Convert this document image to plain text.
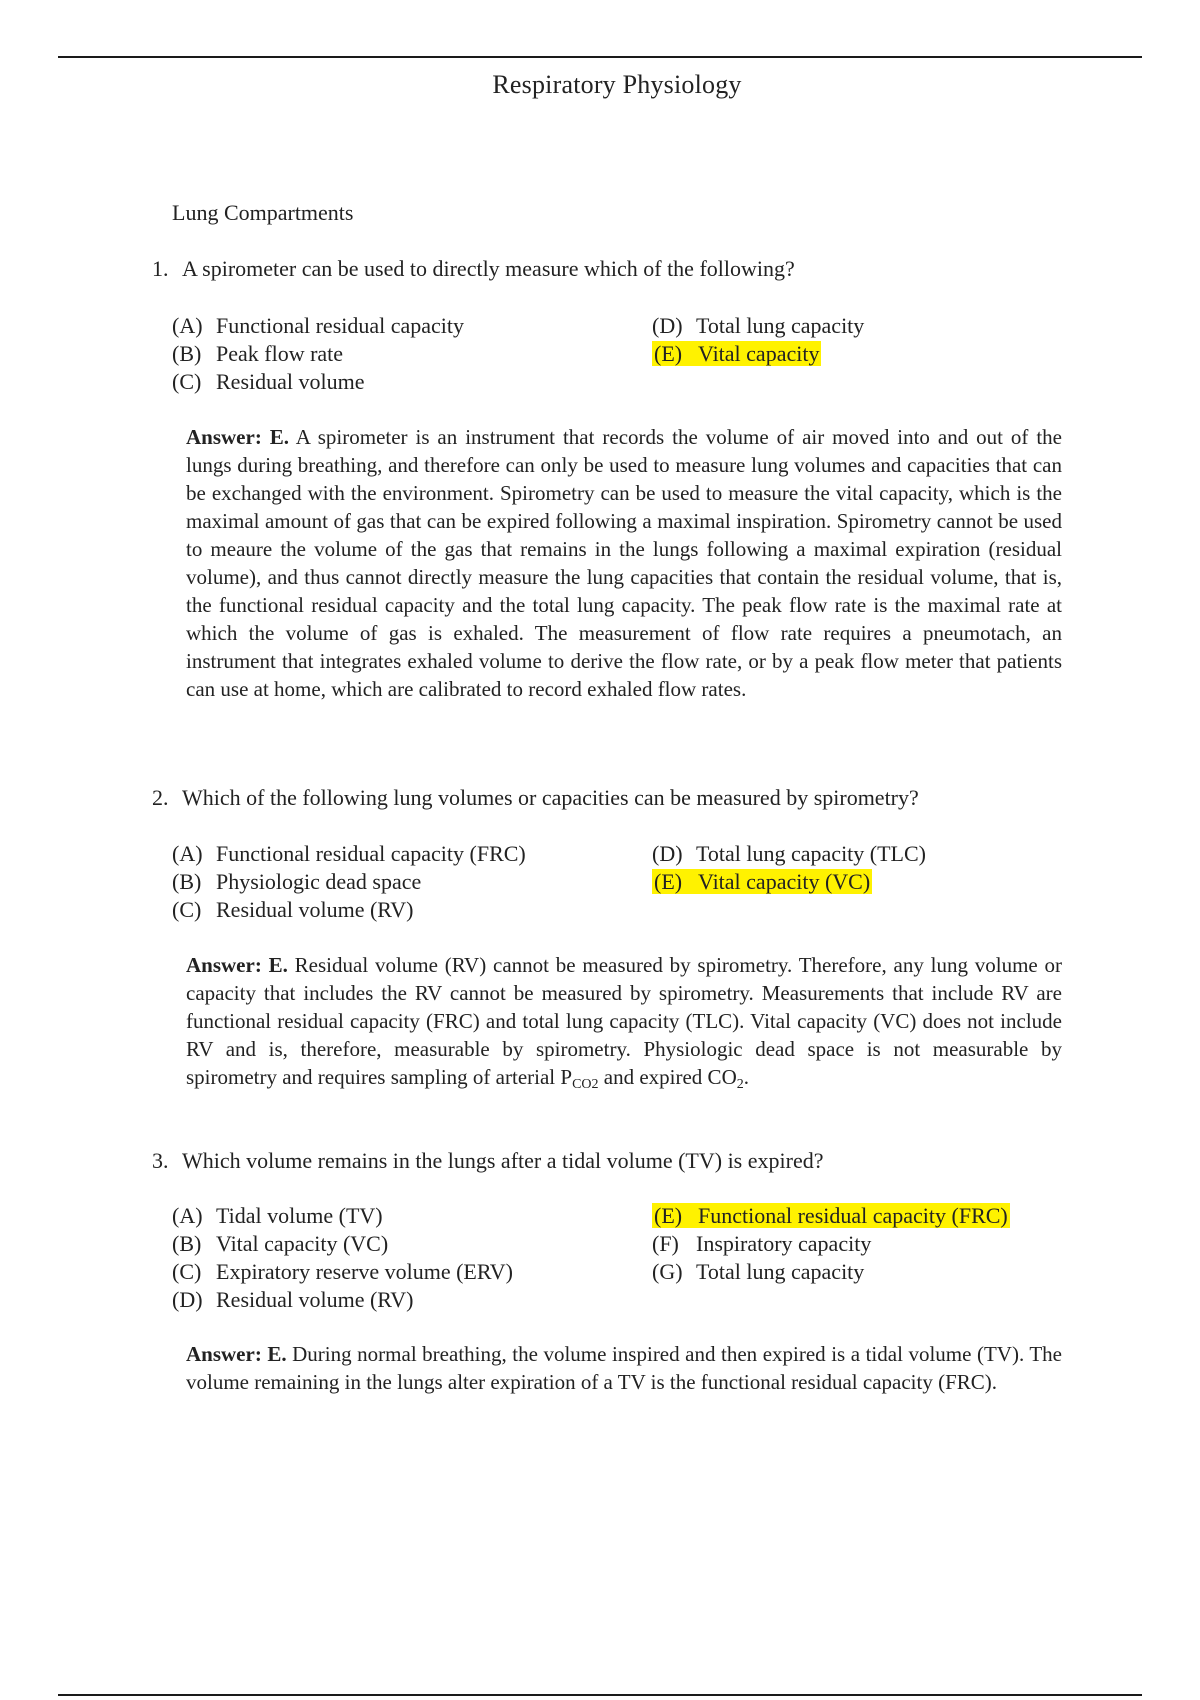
Respiratory Physiology
Lung Compartments
1. A spirometer can be used to directly measure which of the following?
(A) Functional residual capacity
(B) Peak flow rate
(C) Residual volume
(D) Total lung capacity
(E) Vital capacity
Answer: E. A spirometer is an instrument that records the volume of air moved into and out of the lungs during breathing, and therefore can only be used to measure lung volumes and capacities that can be exchanged with the environment. Spirometry can be used to measure the vital capacity, which is the maximal amount of gas that can be expired following a maximal inspiration. Spirometry cannot be used to meaure the volume of the gas that remains in the lungs following a maximal expiration (residual volume), and thus cannot directly measure the lung capacities that contain the residual volume, that is, the functional residual capacity and the total lung capacity. The peak flow rate is the maximal rate at which the volume of gas is exhaled. The measurement of flow rate requires a pneumotach, an instrument that integrates exhaled volume to derive the flow rate, or by a peak flow meter that patients can use at home, which are calibrated to record exhaled flow rates.
2. Which of the following lung volumes or capacities can be measured by spirometry?
(A) Functional residual capacity (FRC)
(B) Physiologic dead space
(C) Residual volume (RV)
(D) Total lung capacity (TLC)
(E) Vital capacity (VC)
Answer: E. Residual volume (RV) cannot be measured by spirometry. Therefore, any lung volume or capacity that includes the RV cannot be measured by spirometry. Measurements that include RV are functional residual capacity (FRC) and total lung capacity (TLC). Vital capacity (VC) does not include RV and is, therefore, measurable by spirometry. Physiologic dead space is not measurable by spirometry and requires sampling of arterial $P_{CO2}$ and expired $CO_2$.
3. Which volume remains in the lungs after a tidal volume (TV) is expired?
(A) Tidal volume (TV)
(B) Vital capacity (VC)
(C) Expiratory reserve volume (ERV)
(D) Residual volume (RV)
(E) Functional residual capacity (FRC)
(F) Inspiratory capacity
(G) Total lung capacity
Answer: E. During normal breathing, the volume inspired and then expired is a tidal volume (TV). The volume remaining in the lungs alter expiration of a TV is the functional residual capacity (FRC).
